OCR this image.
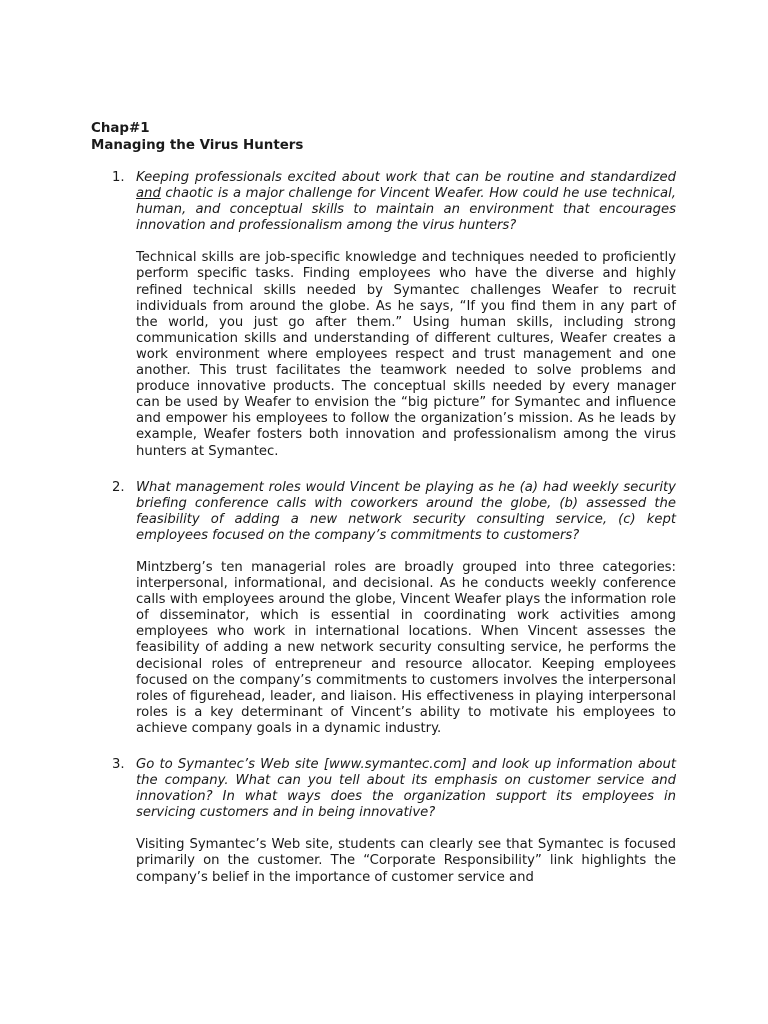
Chap#1
Managing the Virus Hunters
1. Keeping professionals excited about work that can be routine and standardized and chaotic is a major challenge for Vincent Weafer. How could he use technical, human, and conceptual skills to maintain an environment that encourages innovation and professionalism among the virus hunters?

Technical skills are job-specific knowledge and techniques needed to proficiently perform specific tasks. Finding employees who have the diverse and highly refined technical skills needed by Symantec challenges Weafer to recruit individuals from around the globe. As he says, “If you find them in any part of the world, you just go after them.” Using human skills, including strong communication skills and understanding of different cultures, Weafer creates a work environment where employees respect and trust management and one another. This trust facilitates the teamwork needed to solve problems and produce innovative products. The conceptual skills needed by every manager can be used by Weafer to envision the “big picture” for Symantec and influence and empower his employees to follow the organization’s mission. As he leads by example, Weafer fosters both innovation and professionalism among the virus hunters at Symantec.

2. What management roles would Vincent be playing as he (a) had weekly security briefing conference calls with coworkers around the globe, (b) assessed the feasibility of adding a new network security consulting service, (c) kept employees focused on the company’s commitments to customers?

Mintzberg’s ten managerial roles are broadly grouped into three categories: interpersonal, informational, and decisional. As he conducts weekly conference calls with employees around the globe, Vincent Weafer plays the information role of disseminator, which is essential in coordinating work activities among employees who work in international locations. When Vincent assesses the feasibility of adding a new network security consulting service, he performs the decisional roles of entrepreneur and resource allocator. Keeping employees focused on the company’s commitments to customers involves the interpersonal roles of figurehead, leader, and liaison. His effectiveness in playing interpersonal roles is a key determinant of Vincent’s ability to motivate his employees to achieve company goals in a dynamic industry.

3. Go to Symantec’s Web site [www.symantec.com] and look up information about the company. What can you tell about its emphasis on customer service and innovation? In what ways does the organization support its employees in servicing customers and in being innovative?

Visiting Symantec’s Web site, students can clearly see that Symantec is focused primarily on the customer. The “Corporate Responsibility” link highlights the company’s belief in the importance of customer service and
